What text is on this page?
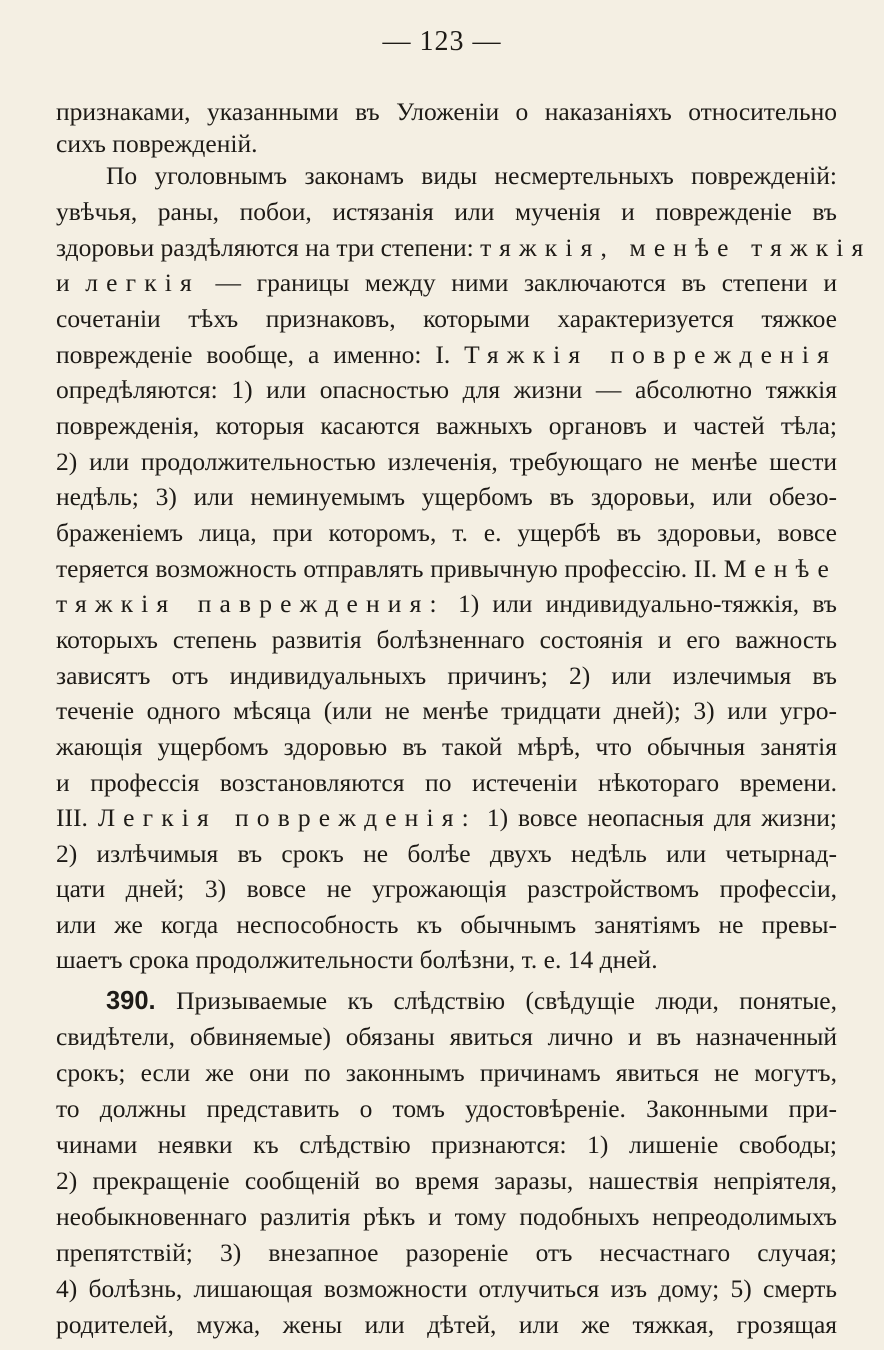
— 123 —
признаками, указанными въ Уложенiи о наказанiяхъ относительно
сихъ поврежденiй.
По уголовнымъ законамъ виды несмертельныхъ поврежденiй:
увѣчья, раны, побои, истязанiя или мученiя и поврежденiе въ
здоровьи раздѣляются на три степени: тяжкiя, менѣе тяжкiя
и легкiя — границы между ними заключаются въ степени и
сочетанiи тѣхъ признаковъ, которыми характеризуется тяжкое
поврежденiе вообще, а именно: I. Тяжкiя поврежденiя
опредѣляются: 1) или опасностью для жизни — абсолютно тяжкiя
поврежденiя, которыя касаются важныхъ органовъ и частей тѣла;
2) или продолжительностью излеченiя, требующаго не менѣе шести
недѣль; 3) или неминуемымъ ущербомъ въ здоровьи, или обезо-
браженiемъ лица, при которомъ, т. е. ущербѣ въ здоровьи, вовсе
теряется возможность отправлять привычную профессiю. II. Менѣе
тяжкiя павреждения: 1) или индивидуально-тяжкiя, въ
которыхъ степень развитiя болѣзненнаго состоянiя и его важность
зависятъ отъ индивидуальныхъ причинъ; 2) или излечимыя въ
теченiе одного мѣсяца (или не менѣе тридцати дней); 3) или угро-
жающiя ущербомъ здоровью въ такой мѣрѣ, что обычныя занятiя
и профессiя возстановляются по истеченiи нѣкотораго времени.
III. Легкiя поврежденiя: 1) вовсе неопасныя для жизни;
2) излѣчимыя въ срокъ не болѣе двухъ недѣль или четырнад-
цати дней; 3) вовсе не угрожающiя разстройствомъ профессiи,
или же когда неспособность къ обычнымъ занятiямъ не превы-
шаетъ срока продолжительности болѣзни, т. е. 14 дней.
390. Призываемые къ слѣдствiю (свѣдущiе люди, понятые,
свидѣтели, обвиняемые) обязаны явиться лично и въ назначенный
срокъ; если же они по законнымъ причинамъ явиться не могутъ,
то должны представить о томъ удостовѣренiе. Законными при-
чинами неявки къ слѣдствiю признаются: 1) лишенiе свободы;
2) прекращенiе сообщенiй во время заразы, нашествiя непрiятеля,
необыкновеннаго разлитiя рѣкъ и тому подобныхъ непреодолимыхъ
препятствiй; 3) внезапное разоренiе отъ несчастнаго случая;
4) болѣзнь, лишающая возможности отлучиться изъ дому; 5) смерть
родителей, мужа, жены или дѣтей, или же тяжкая, грозящая
